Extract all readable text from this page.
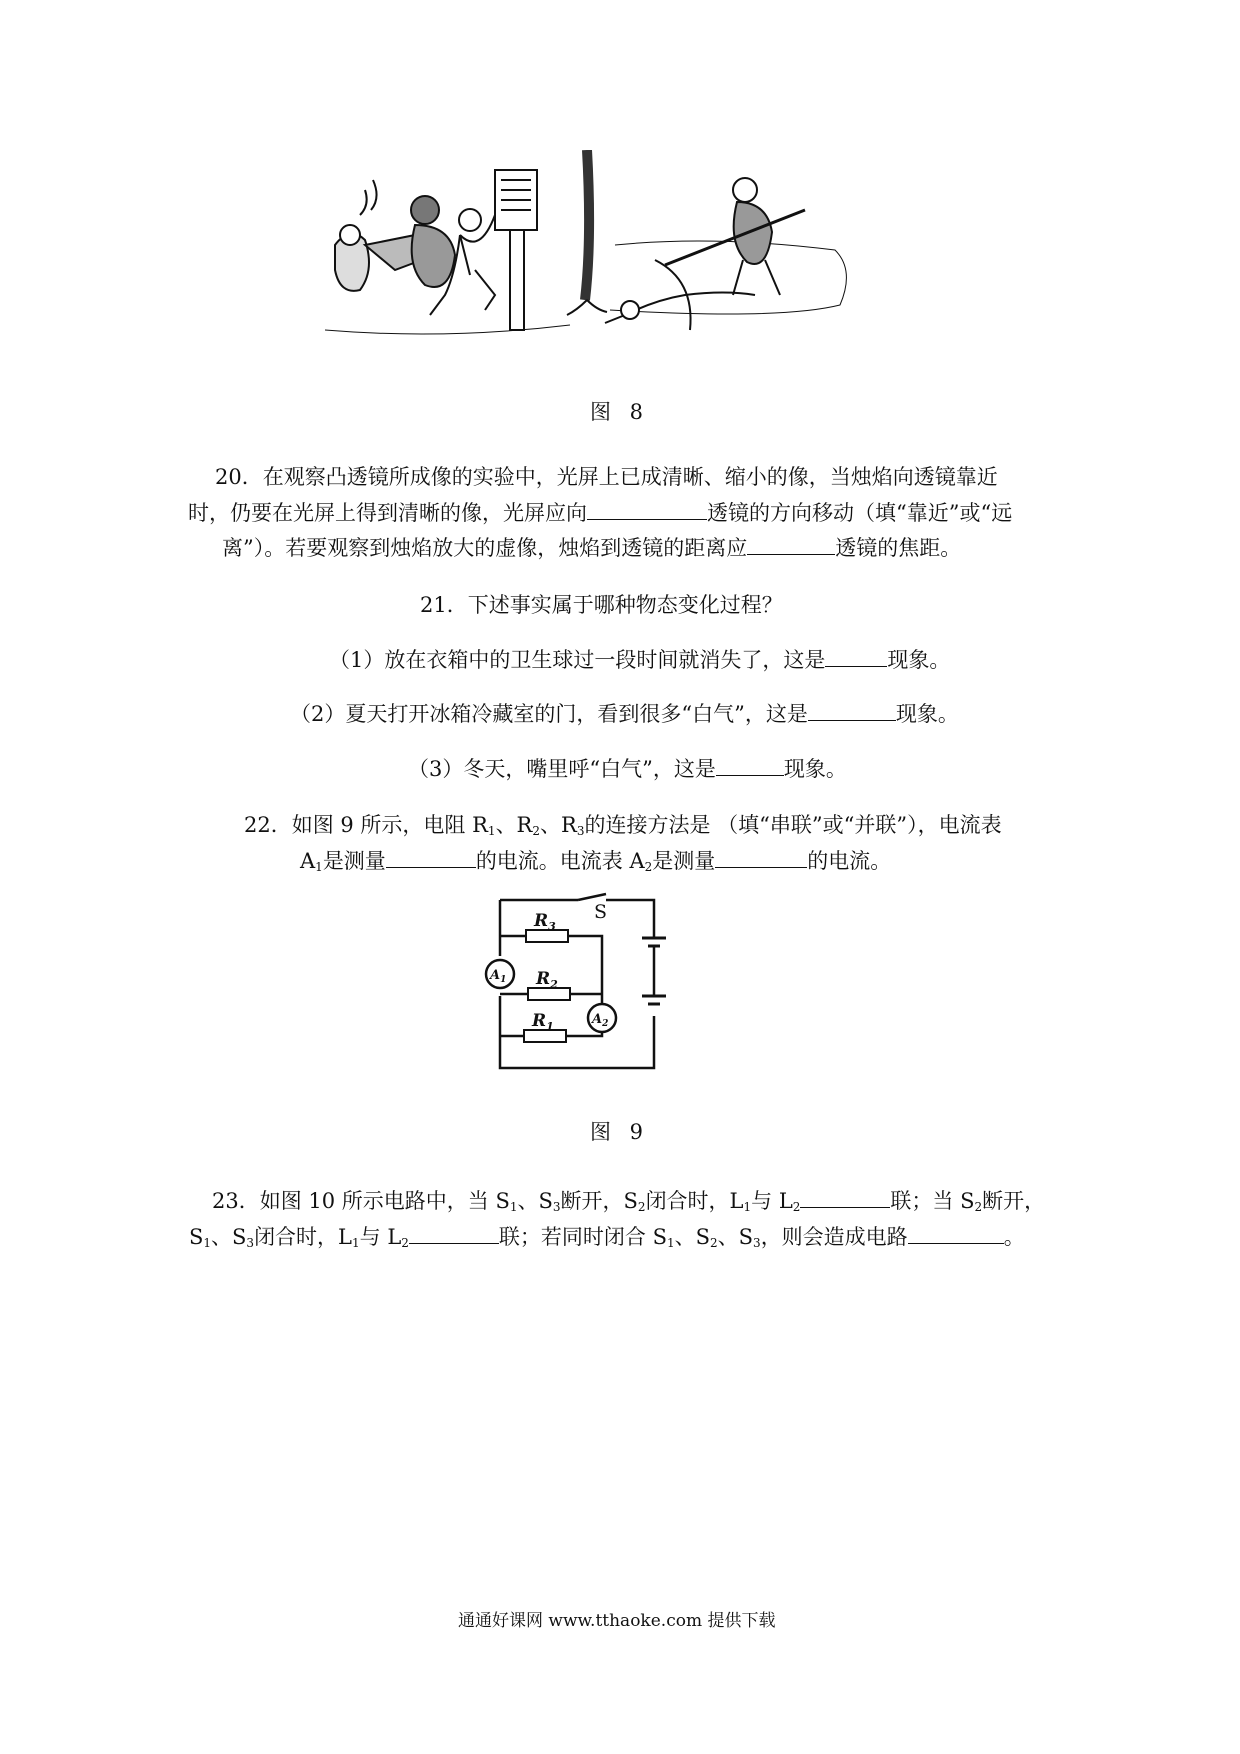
图 8
20．在观察凸透镜所成像的实验中，光屏上已成清晰、缩小的像，当烛焰向透镜靠近
时，仍要在光屏上得到清晰的像，光屏应向	透镜的方向移动（填“靠近”或“远
离”）。若要观察到烛焰放大的虚像，烛焰到透镜的距离应	透镜的焦距。
21．下述事实属于哪种物态变化过程？
（1）放在衣箱中的卫生球过一段时间就消失了，这是	现象。
（2）夏天打开冰箱冷藏室的门，看到很多“白气”，这是	现象。
（3）冬天，嘴里呼“白气”，这是	现象。
22．如图 9 所示，电阻 $R_1$、$R_2$、$R_3$的连接方法是 （填“串联”或“并联”），电流表
$A_1$是测量	的电流。电流表 $A_2$是测量	的电流。
S
$R_3$
$R_2$
$R_1$
$A_1$
$A_2$
图 9
23．如图 10 所示电路中，当 $S_1$、$S_3$断开，$S_2$闭合时，$L_1$与 $L_2$	联；当 $S_2$断开，
$S_1$、$S_3$闭合时，$L_1$与 $L_2$	联；若同时闭合 $S_1$、$S_2$、$S_3$，则会造成电路	。
通通好课网 www.tthaoke.com 提供下载
